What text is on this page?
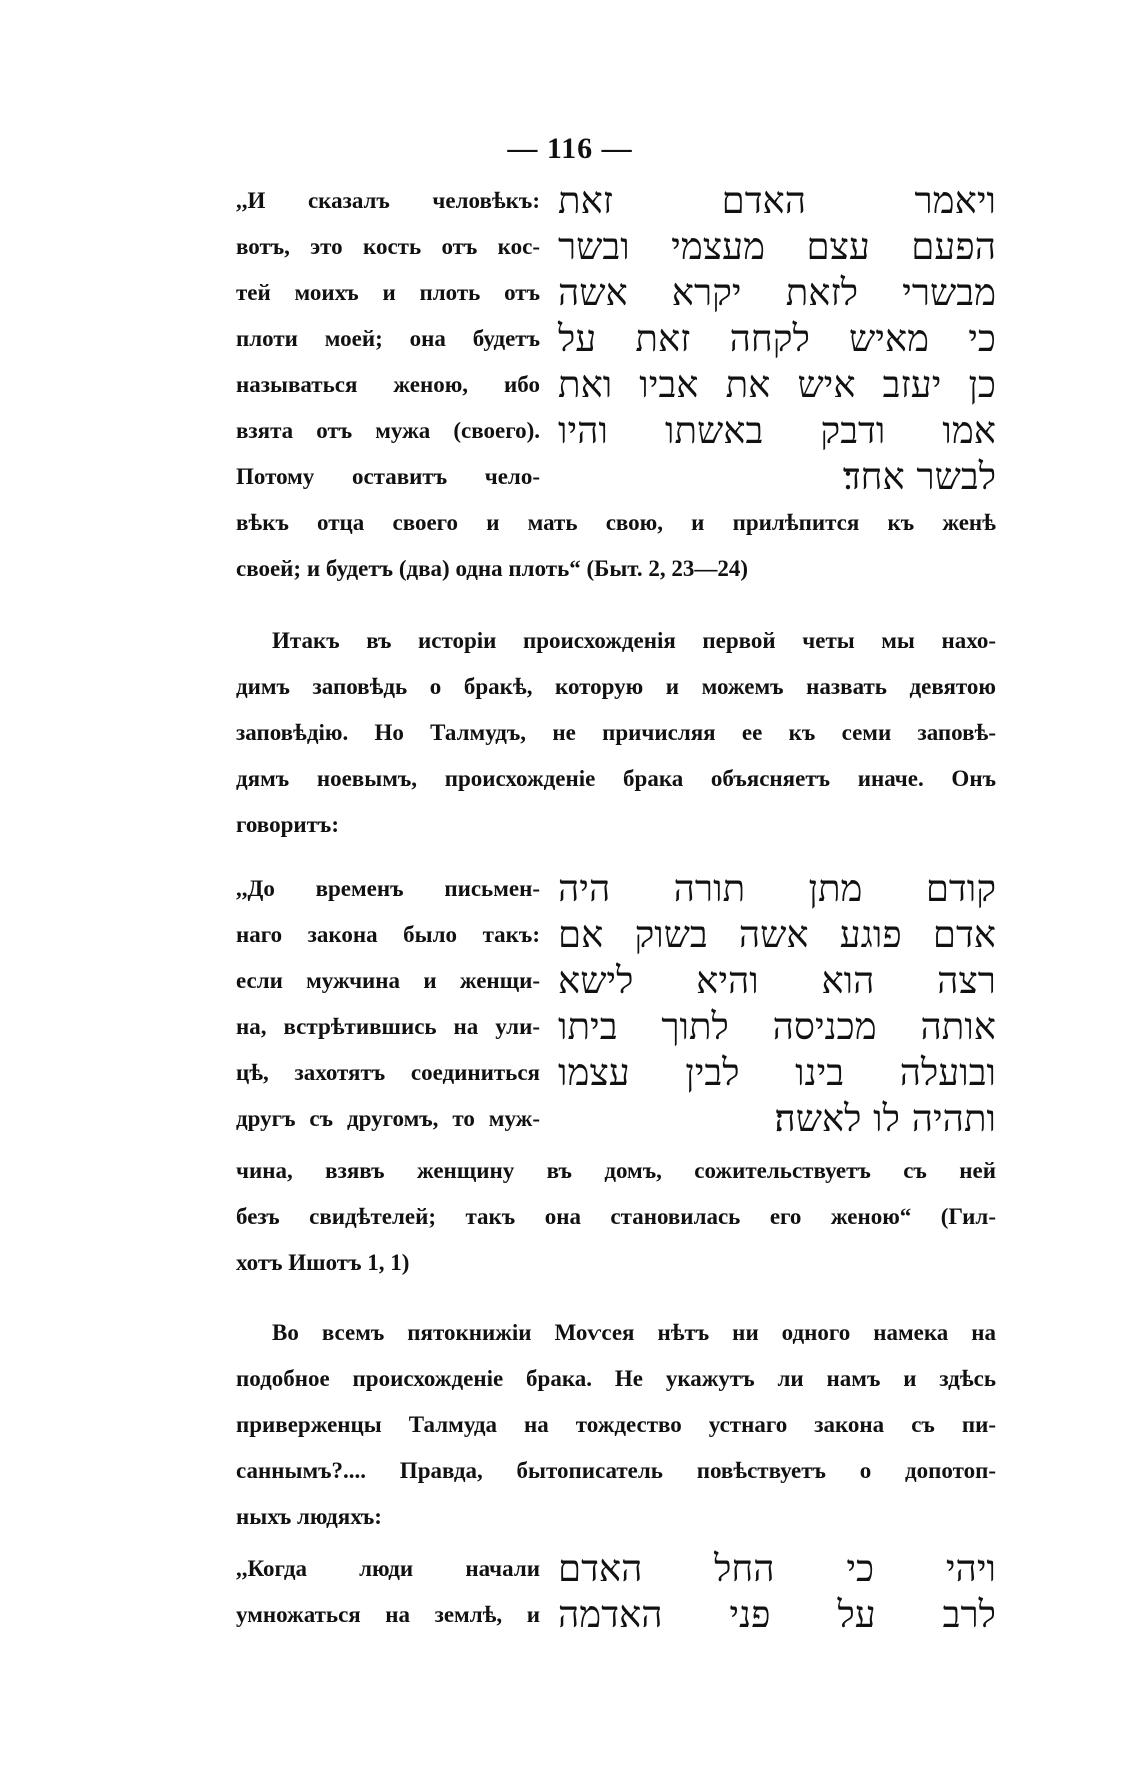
— 116 —
,,И сказалъ человѣкъ:
вотъ, это кость отъ кос-
тей моихъ и плоть отъ
плоти моей; она будетъ
называться женою, ибо
взята отъ мужа (своего).
Потому оставитъ чело-
ויאמר האדם זאת
הפעם עצם מעצמי ובשר
מבשרי לזאת יקרא אשה
כי מאיש לקחה זאת על
כן יעזב איש את אביו ואת
אמו ודבק באשתו והיו
לבשר אחד׃
вѣкъ отца своего и мать свою, и прилѣпится къ женѣ
своей; и будетъ (два) одна плоть“ (Быт. 2, 23—24)
Итакъ въ исторіи происхожденія первой четы мы нахо-
димъ заповѣдь о бракѣ, которую и можемъ назвать девятою
заповѣдію. Но Талмудъ, не причисляя ее къ семи заповѣ-
дямъ ноевымъ, происхожденіе брака объясняетъ иначе. Онъ
говоритъ:
,,До временъ письмен-
наго закона было такъ:
если мужчина и женщи-
на, встрѣтившись на ули-
цѣ, захотятъ соединиться
другъ съ другомъ, то муж-
קודם מתן תורה היה
אדם פוגע אשה בשוק אם
רצה הוא והיא לישא
אותה מכניסה לתוך ביתו
ובועלה בינו לבין עצמו
ותהיה לו לאשה׃
чина, взявъ женщину въ домъ, сожительствуетъ съ ней
безъ свидѣтелей; такъ она становилась его женою“ (Гил-
хотъ Ишотъ 1, 1)
Во всемъ пятокнижіи Моѵсея нѣтъ ни одного намека на
подобное происхожденіе брака. Не укажутъ ли намъ и здѣсь
приверженцы Талмуда на тождество устнаго закона съ пи-
саннымъ?.... Правда, бытописатель повѣствуетъ о допотоп-
ныхъ людяхъ:
,,Когда люди начали
умножаться на землѣ, и
ויהי כי החל האדם
לרב על פני האדמה
